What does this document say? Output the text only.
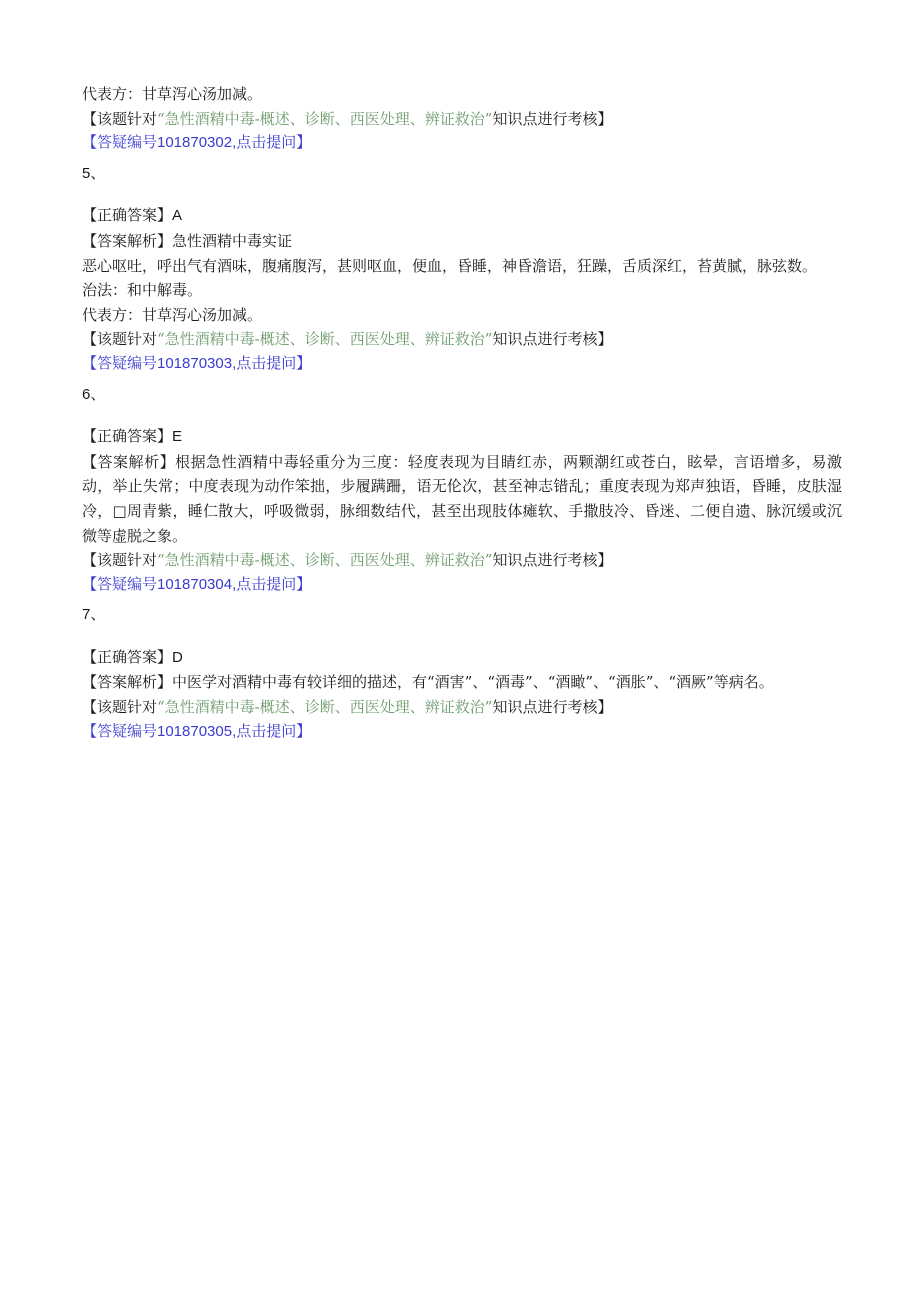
代表方：甘草泻心汤加减。
【该题针对“急性酒精中毒-概述、诊断、西医处理、辨证救治”知识点进行考核】
【答疑编号101870302,点击提问】
5、
【正确答案】A
【答案解析】急性酒精中毒实证
恶心呕吐，呼出气有酒味，腹痛腹泻，甚则呕血，便血，昏睡，神昏澹语，狂躁，舌质深红，苔黄腻，脉弦数。
治法：和中解毒。
代表方：甘草泻心汤加减。
【该题针对“急性酒精中毒-概述、诊断、西医处理、辨证救治”知识点进行考核】
【答疑编号101870303,点击提问】
6、
【正确答案】E
【答案解析】根据急性酒精中毒轻重分为三度：轻度表现为目睛红赤，两颗潮红或苍白，眩晕，言语增多，易激动，举止失常；中度表现为动作笨拙，步履蹒跚，语无伦次，甚至神志错乱；重度表现为郑声独语，昏睡，皮肤湿冷，□周青紫，睡仁散大，呼吸微弱，脉细数结代，甚至出现肢体瘫软、手撒肢冷、昏迷、二便自遗、脉沉缓或沉微等虚脱之象。
【该题针对“急性酒精中毒-概述、诊断、西医处理、辨证救治”知识点进行考核】
【答疑编号101870304,点击提问】
7、
【正确答案】D
【答案解析】中医学对酒精中毒有较详细的描述，有“酒害”、“酒毒”、“酒瞰”、“酒胀”、“酒厥”等病名。
【该题针对“急性酒精中毒-概述、诊断、西医处理、辨证救治”知识点进行考核】
【答疑编号101870305,点击提问】
